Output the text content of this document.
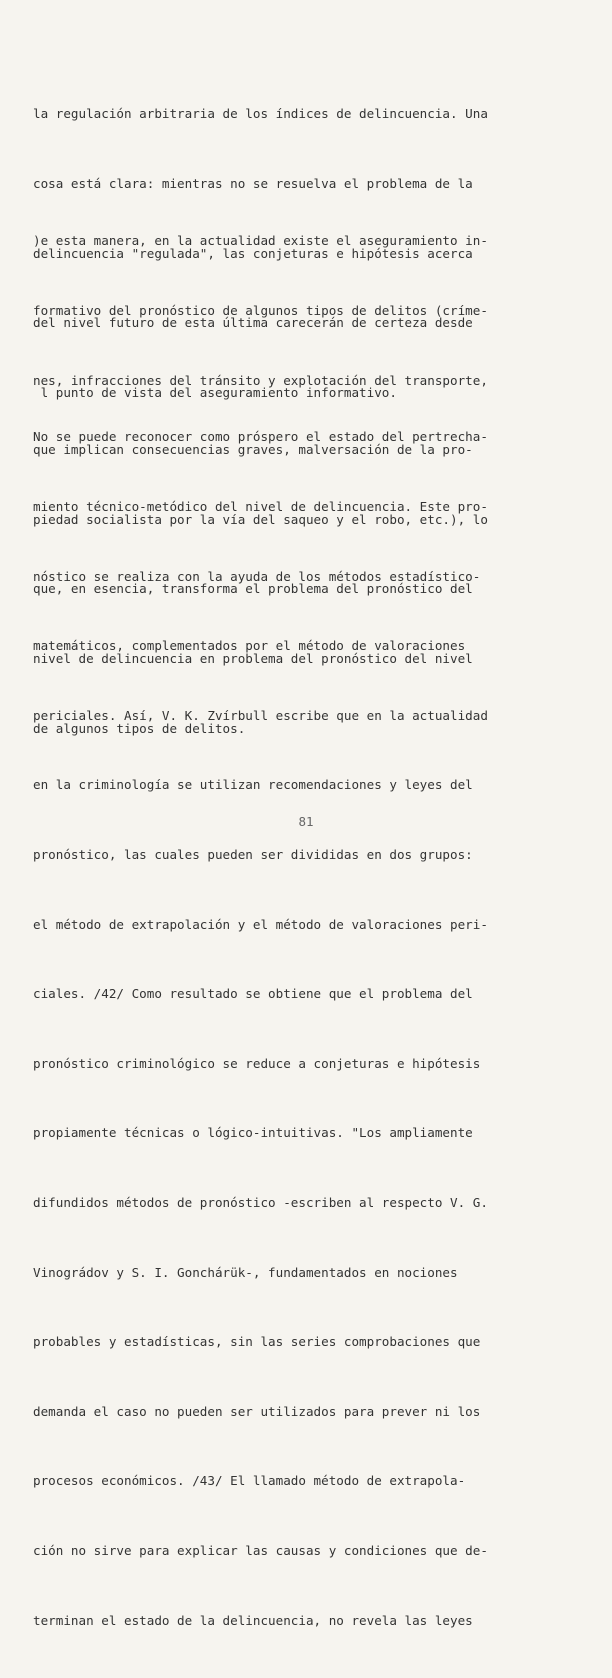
la regulación arbitraria de los índices de delincuencia. Una

cosa está clara: mientras no se resuelva el problema de la

delincuencia "regulada", las conjeturas e hipótesis acerca

del nivel futuro de esta última carecerán de certeza desde

l punto de vista del aseguramiento informativo.

)e esta manera, en la actualidad existe el aseguramiento in-

formativo del pronóstico de algunos tipos de delitos (críme-

nes, infracciones del tránsito y explotación del transporte,

que implican consecuencias graves, malversación de la pro-

piedad socialista por la vía del saqueo y el robo, etc.), lo

que, en esencia, transforma el problema del pronóstico del

nivel de delincuencia en problema del pronóstico del nivel

de algunos tipos de delitos.

No se puede reconocer como próspero el estado del pertrecha-

miento técnico-metódico del nivel de delincuencia. Este pro-

nóstico se realiza con la ayuda de los métodos estadístico-

matemáticos, complementados por el método de valoraciones

periciales. Así, V. K. Zvírbull escribe que en la actualidad

en la criminología se utilizan recomendaciones y leyes del

pronóstico, las cuales pueden ser divididas en dos grupos:

el método de extrapolación y el método de valoraciones peri-

ciales. /42/ Como resultado se obtiene que el problema del

pronóstico criminológico se reduce a conjeturas e hipótesis

propiamente técnicas o lógico-intuitivas. "Los ampliamente

difundidos métodos de pronóstico -escriben al respecto V. G.

Vinográdov y S. I. Gonchárük-, fundamentados en nociones

probables y estadísticas, sin las series comprobaciones que

demanda el caso no pueden ser utilizados para prever ni los

procesos económicos. /43/ El llamado método de extrapola-

ción no sirve para explicar las causas y condiciones que de-

terminan el estado de la delincuencia, no revela las leyes

81
